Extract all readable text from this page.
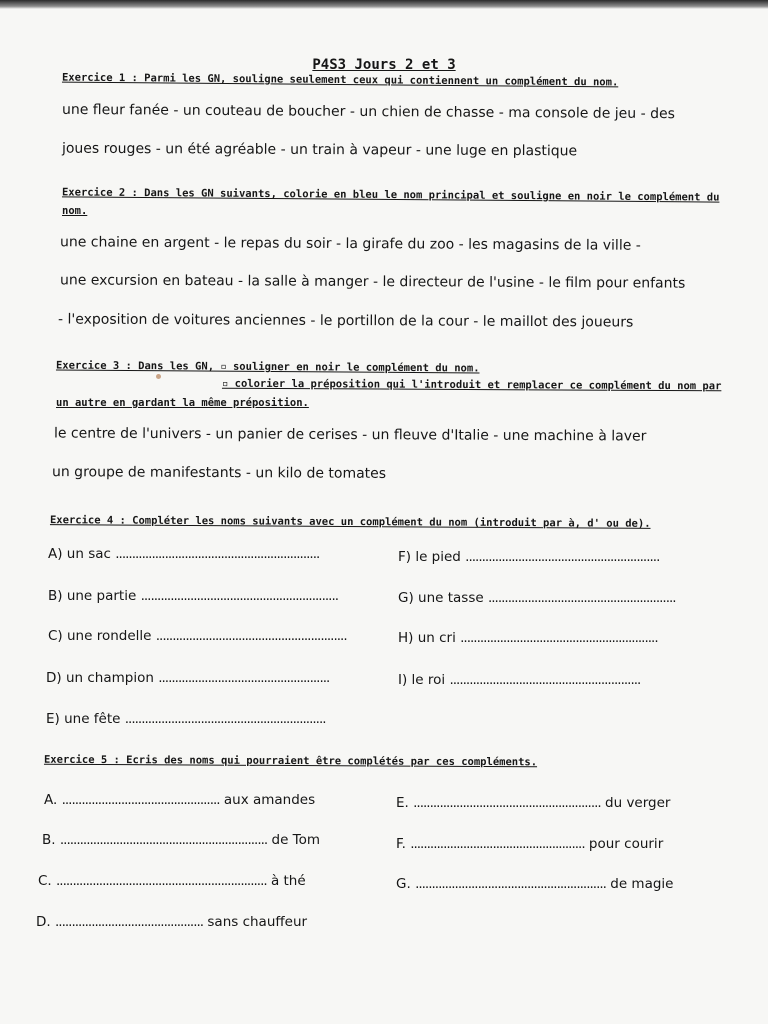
P4S3 Jours 2 et 3
Exercice 1 : Parmi les GN, souligne seulement ceux qui contiennent un complément du nom.
une fleur fanée - un couteau de boucher - un chien de chasse - ma console de jeu - des
joues rouges - un été agréable - un train à vapeur - une luge en plastique
Exercice 2 : Dans les GN suivants, colorie en bleu le nom principal et souligne en noir le complément du
nom.
une chaine en argent - le repas du soir - la girafe du zoo - les magasins de la ville -
une excursion en bateau - la salle à manger - le directeur de l'usine - le film pour enfants
- l'exposition de voitures anciennes - le portillon de la cour - le maillot des joueurs
Exercice 3 : Dans les GN, ▫ souligner en noir le complément du nom.
▫ colorier la préposition qui l'introduit et remplacer ce complément du nom par
un autre en gardant la même préposition.
le centre de l'univers - un panier de cerises - un fleuve d'Italie - une machine à laver
un groupe de manifestants - un kilo de tomates
Exercice 4 : Compléter les noms suivants avec un complément du nom (introduit par à, d' ou de).
A) un sac ..............................................................
B) une partie ............................................................
C) une rondelle ..........................................................
D) un champion ....................................................
E) une fête .............................................................
F) le pied ...........................................................
G) une tasse .........................................................
H) un cri ............................................................
I) le roi ..........................................................
Exercice 5 : Ecris des noms qui pourraient être complétés par ces compléments.
A. ................................................ aux amandes
B. ............................................................... de Tom
C. ................................................................ à thé
D. ............................................. sans chauffeur
E. ......................................................... du verger
F. ..................................................... pour courir
G. .......................................................... de magie
